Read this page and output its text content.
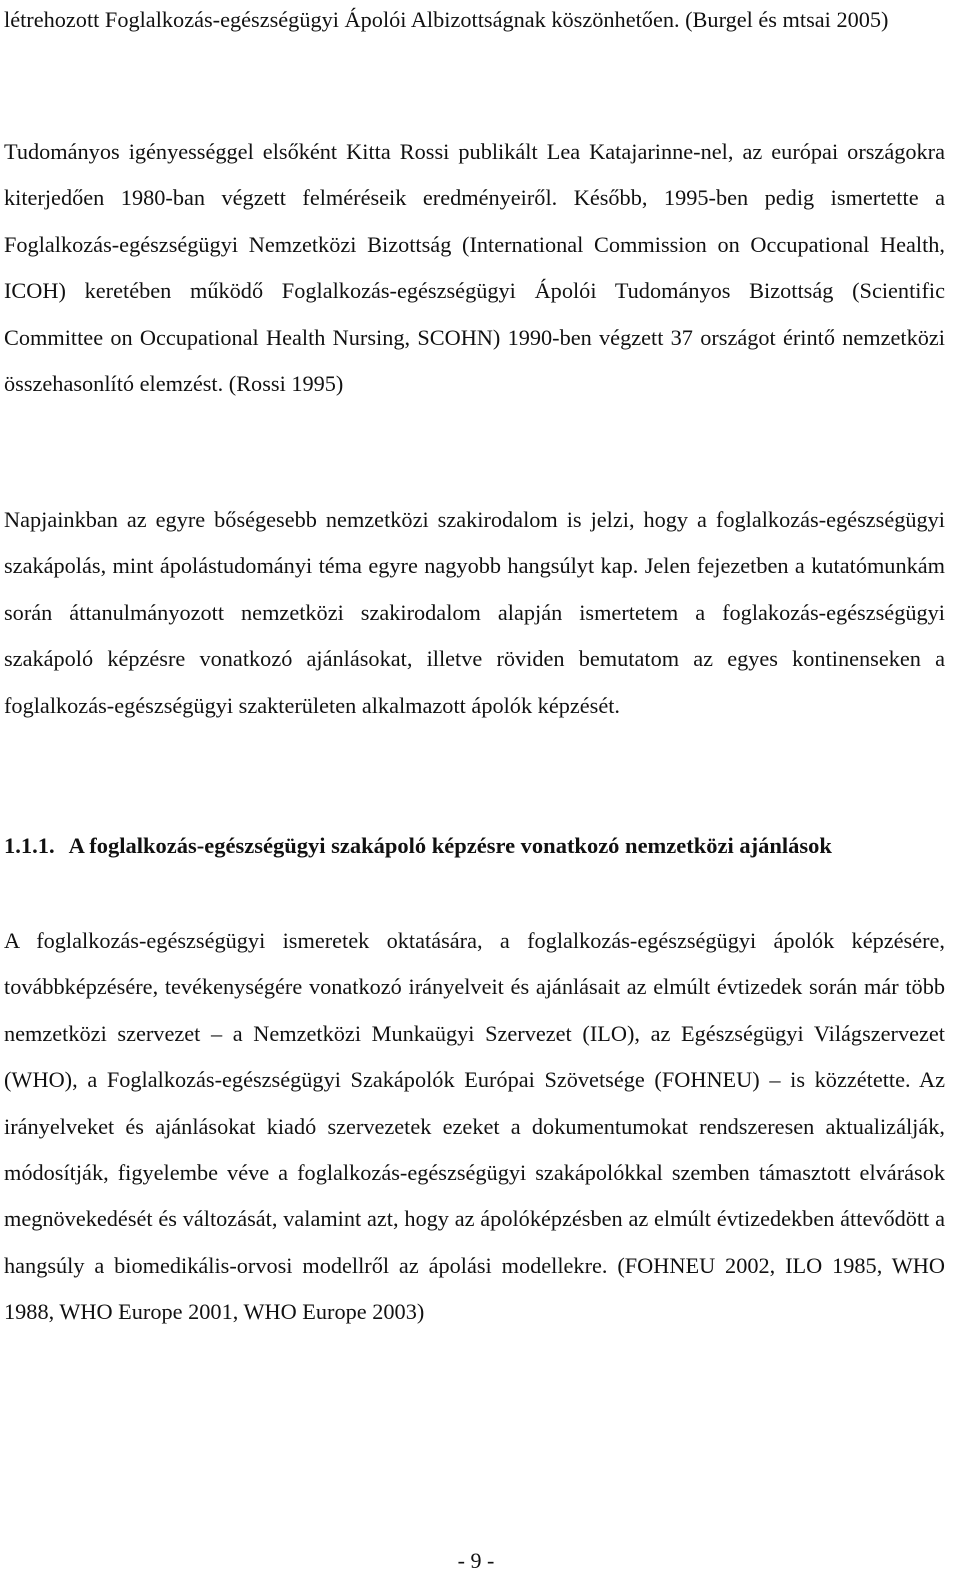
létrehozott Foglalkozás-egészségügyi Ápolói Albizottságnak köszönhetően. (Burgel és mtsai 2005)

Tudományos igényességgel elsőként Kitta Rossi publikált Lea Katajarinne-nel, az európai országokra kiterjedően 1980-ban végzett felméréseik eredményeiről. Később, 1995-ben pedig ismertette a Foglalkozás-egészségügyi Nemzetközi Bizottság (International Commission on Occupational Health, ICOH) keretében működő Foglalkozás-egészségügyi Ápolói Tudományos Bizottság (Scientific Committee on Occupational Health Nursing, SCOHN) 1990-ben végzett 37 országot érintő nemzetközi összehasonlító elemzést. (Rossi 1995)

Napjainkban az egyre bőségesebb nemzetközi szakirodalom is jelzi, hogy a foglalkozás-egészségügyi szakápolás, mint ápolástudományi téma egyre nagyobb hangsúlyt kap. Jelen fejezetben a kutatómunkám során áttanulmányozott nemzetközi szakirodalom alapján ismertetem a foglakozás-egészségügyi szakápoló képzésre vonatkozó ajánlásokat, illetve röviden bemutatom az egyes kontinenseken a foglalkozás-egészségügyi szakterületen alkalmazott ápolók képzését.

1.1.1. A foglalkozás-egészségügyi szakápoló képzésre vonatkozó nemzetközi ajánlások

A foglalkozás-egészségügyi ismeretek oktatására, a foglalkozás-egészségügyi ápolók képzésére, továbbképzésére, tevékenységére vonatkozó irányelveit és ajánlásait az elmúlt évtizedek során már több nemzetközi szervezet – a Nemzetközi Munkaügyi Szervezet (ILO), az Egészségügyi Világszervezet (WHO), a Foglalkozás-egészségügyi Szakápolók Európai Szövetsége (FOHNEU) – is közzétette. Az irányelveket és ajánlásokat kiadó szervezetek ezeket a dokumentumokat rendszeresen aktualizálják, módosítják, figyelembe véve a foglalkozás-egészségügyi szakápolókkal szemben támasztott elvárások megnövekedését és változását, valamint azt, hogy az ápolóképzésben az elmúlt évtizedekben áttevődött a hangsúly a biomedikális-orvosi modellről az ápolási modellekre. (FOHNEU 2002, ILO 1985, WHO 1988, WHO Europe 2001, WHO Europe 2003)

- 9 -
